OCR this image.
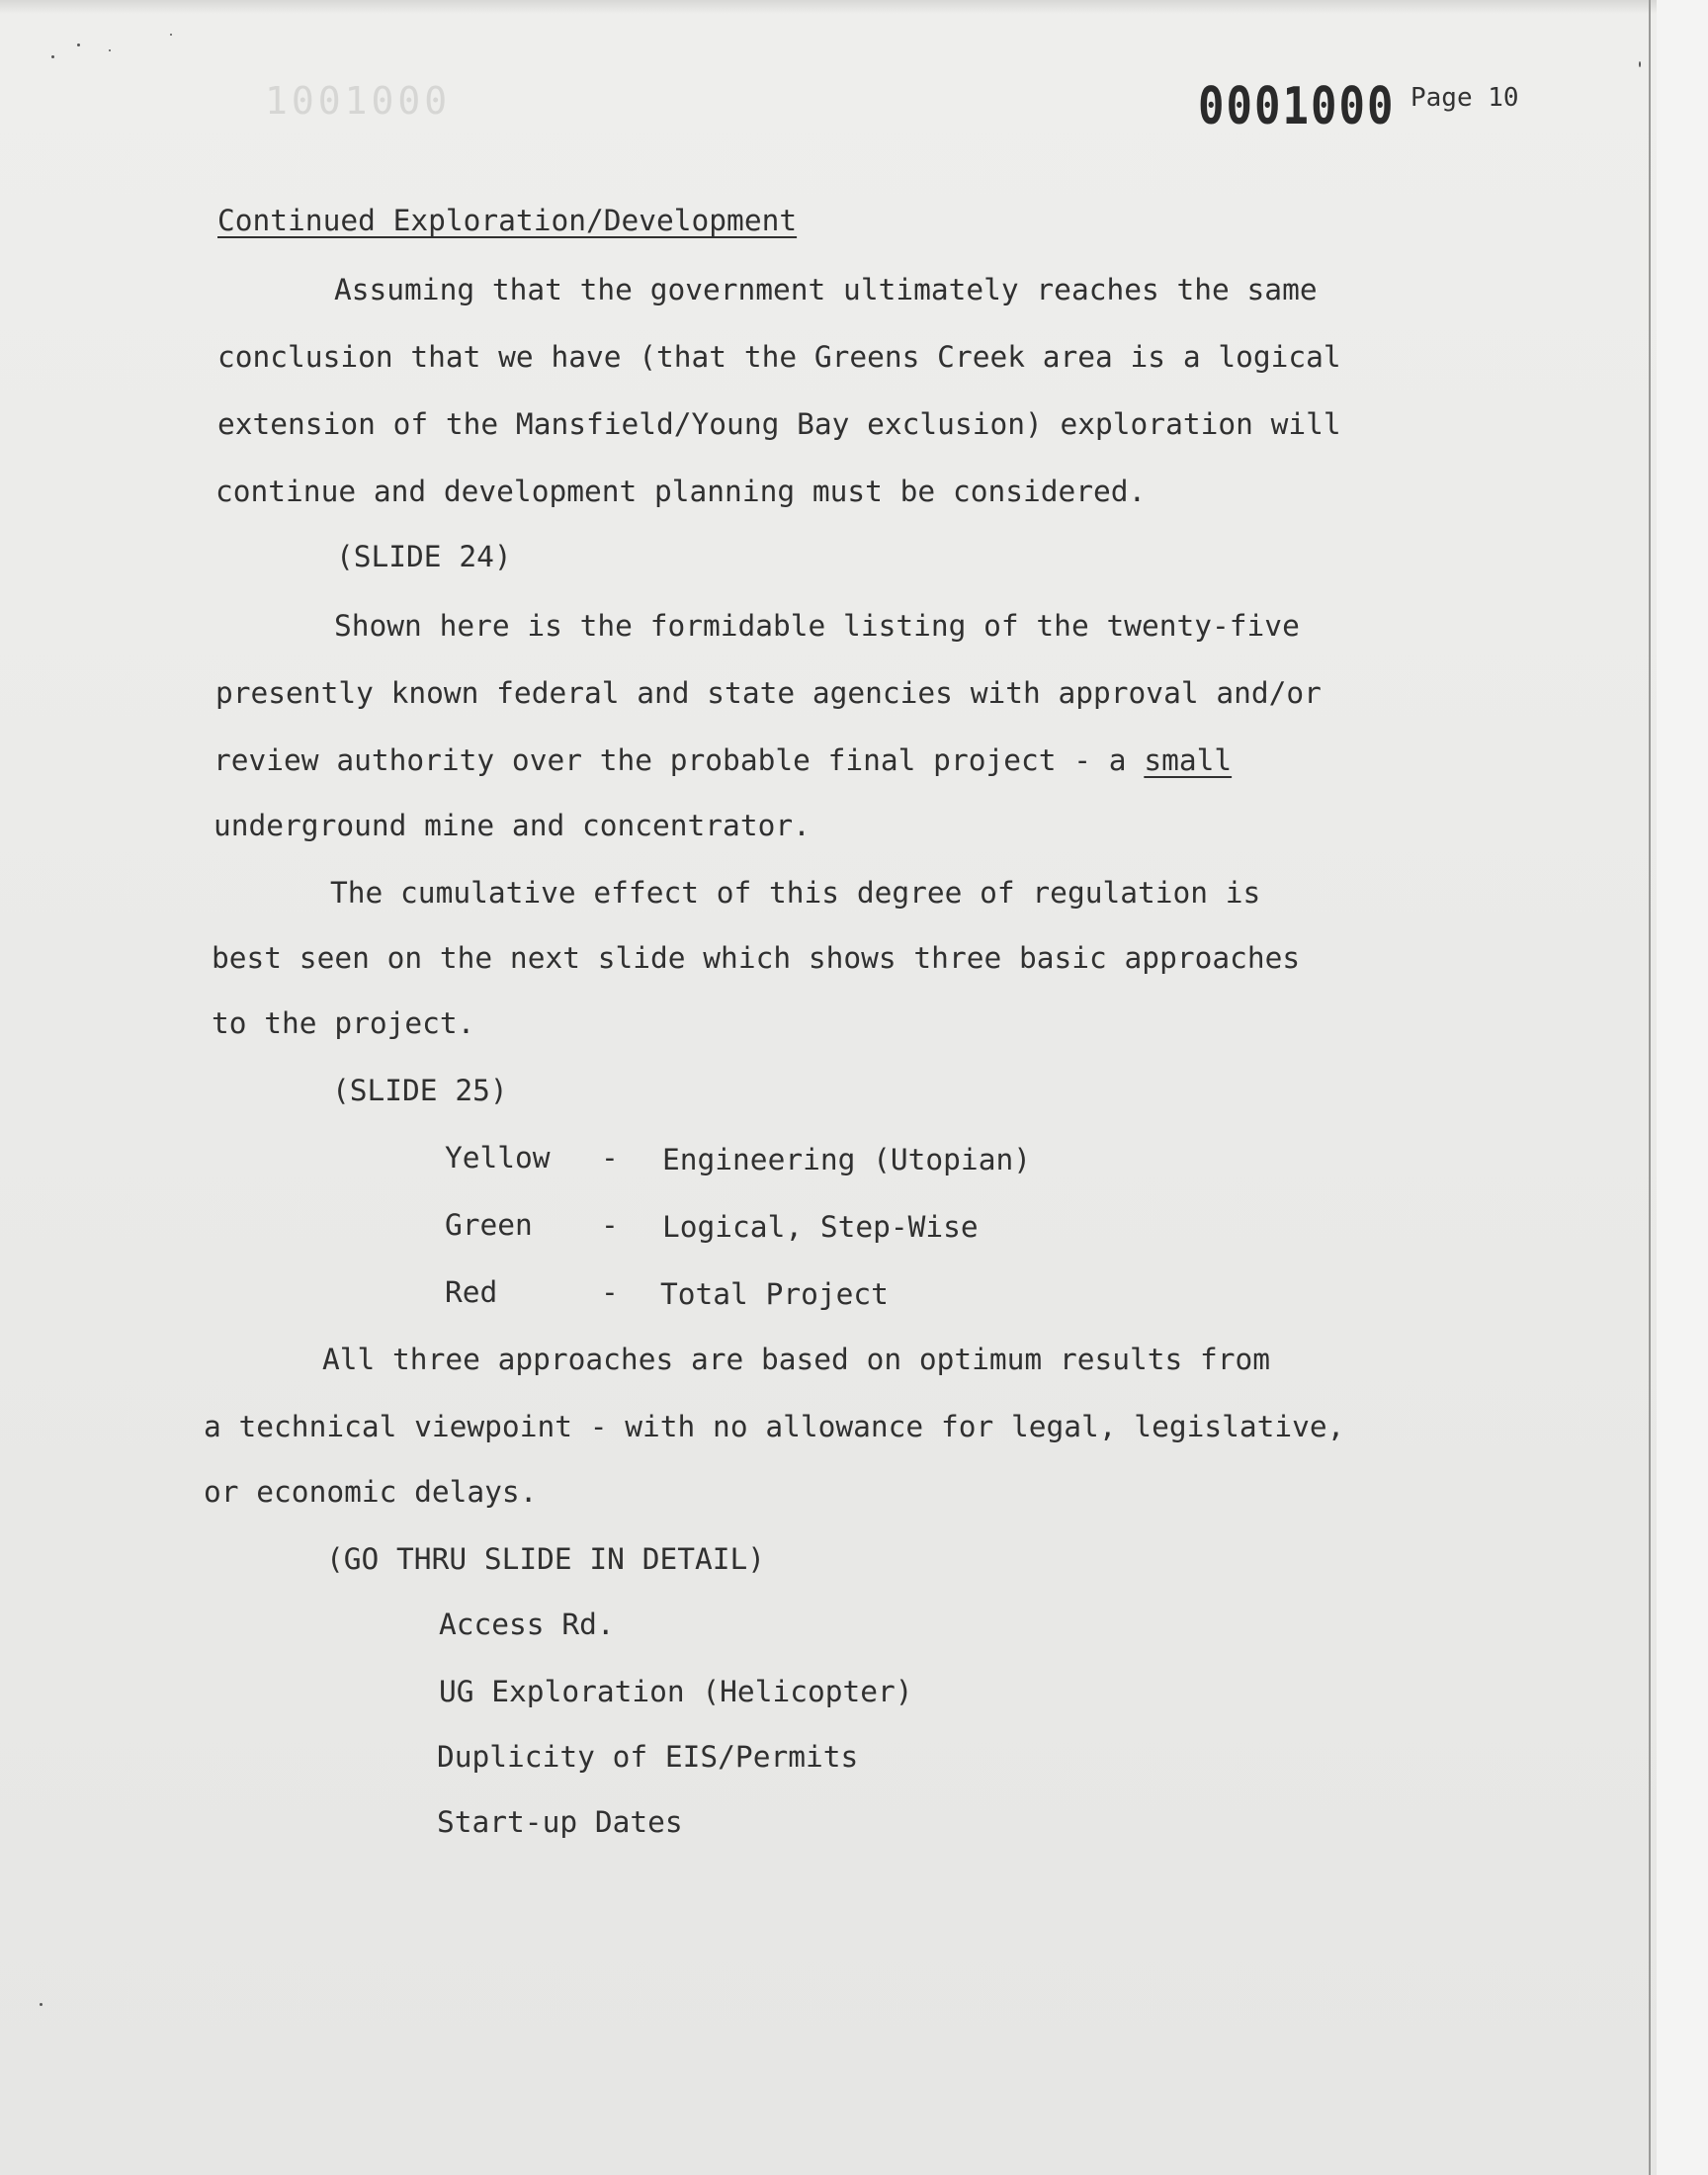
1001000	0001000 Page 10
Continued Exploration/Development
Assuming that the government ultimately reaches the same
conclusion that we have (that the Greens Creek area is a logical
extension of the Mansfield/Young Bay exclusion) exploration will
continue and development planning must be considered.
(SLIDE 24)
Shown here is the formidable listing of the twenty-five
presently known federal and state agencies with approval and/or
review authority over the probable final project - a small
underground mine and concentrator.
The cumulative effect of this degree of regulation is
best seen on the next slide which shows three basic approaches
to the project.
(SLIDE 25)
Yellow - Engineering (Utopian)
Green - Logical, Step-Wise
Red	- Total Project
All three approaches are based on optimum results from
a technical viewpoint - with no allowance for legal, legislative,
or economic delays.
(GO THRU SLIDE IN DETAIL)
Access Rd.
UG Exploration (Helicopter)
Duplicity of EIS/Permits
Start-up Dates
